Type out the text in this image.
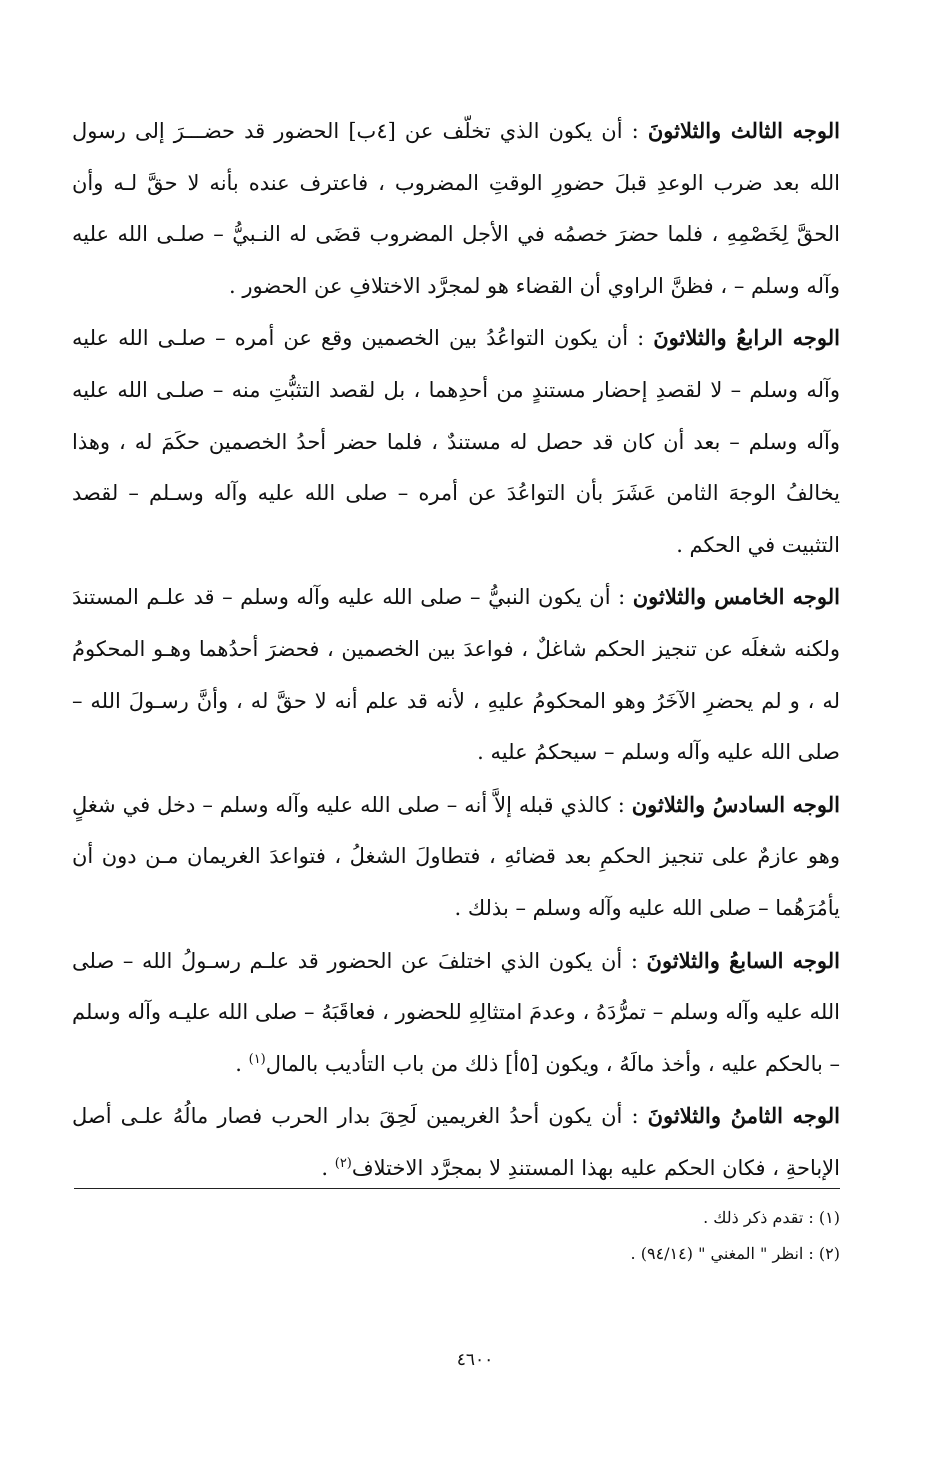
الوجه الثالث والثلاثونَ : أن يكون الذي تخلّف عن [٤ب] الحضور قد حضـــرَ إلى رسول الله بعد ضرب الوعدِ قبلَ حضورِ الوقتِ المضروب ، فاعترف عنده بأنه لا حقَّ لـه وأن الحقَّ لِخَصْمِهِ ، فلما حضرَ خصمُه في الأجل المضروب قضَى له النـبيُّ – صلـى الله عليه وآله وسلم – ، فظنَّ الراوي أن القضاء هو لمجرَّد الاختلافِ عن الحضور .

الوجه الرابعُ والثلاثونَ : أن يكون التواعُدُ بين الخصمين وقع عن أمره – صلـى الله عليه وآله وسلم – لا لقصدِ إحضار مستندٍ من أحدِهما ، بل لقصد التثبُّتِ منه – صلـى الله عليه وآله وسلم – بعد أن كان قد حصل له مستندٌ ، فلما حضر أحدُ الخصمين حكَمَ له ، وهذا يخالفُ الوجهَ الثامن عَشَرَ بأن التواعُدَ عن أمره – صلى الله عليه وآله وسـلم – لقصد التثبيت في الحكم .

الوجه الخامس والثلاثون : أن يكون النبيُّ – صلى الله عليه وآله وسلم – قد علـم المستندَ ولكنه شغلَه عن تنجيز الحكم شاغلٌ ، فواعدَ بين الخصمين ، فحضرَ أحدُهما وهـو المحكومُ له ، و لم يحضرِ الآخَرُ وهو المحكومُ عليهِ ، لأنه قد علم أنه لا حقَّ له ، وأنَّ رسـولَ الله – صلى الله عليه وآله وسلم – سيحكمُ عليه .

الوجه السادسُ والثلاثون : كالذي قبله إلاَّ أنه – صلى الله عليه وآله وسلم – دخل في شغلٍ وهو عازمٌ على تنجيز الحكمِ بعد قضائهِ ، فتطاولَ الشغلُ ، فتواعدَ الغريمان مـن دون أن يأمُرَهُما – صلى الله عليه وآله وسلم – بذلك .

الوجه السابعُ والثلاثونَ : أن يكون الذي اختلفَ عن الحضور قد علـم رسـولُ الله – صلى الله عليه وآله وسلم – تمرُّدَهُ ، وعدمَ امتثالِهِ للحضور ، فعاقَبَهُ – صلى الله عليـه وآله وسلم – بالحكم عليه ، وأخذ مالَهُ ، ويكون [٥أ] ذلك من باب التأديب بالمال$^{(١)}$ .

الوجه الثامنُ والثلاثونَ : أن يكون أحدُ الغريمين لَحِقَ بدار الحرب فصار مالُهُ علـى أصل الإباحةِ ، فكان الحكم عليه بهذا المستندِ لا بمجرَّد الاختلاف$^{(٢)}$ .

(١) : تقدم ذكر ذلك .

(٢) : انظر " المغني " (٩٤/١٤) .

٤٦٠٠
